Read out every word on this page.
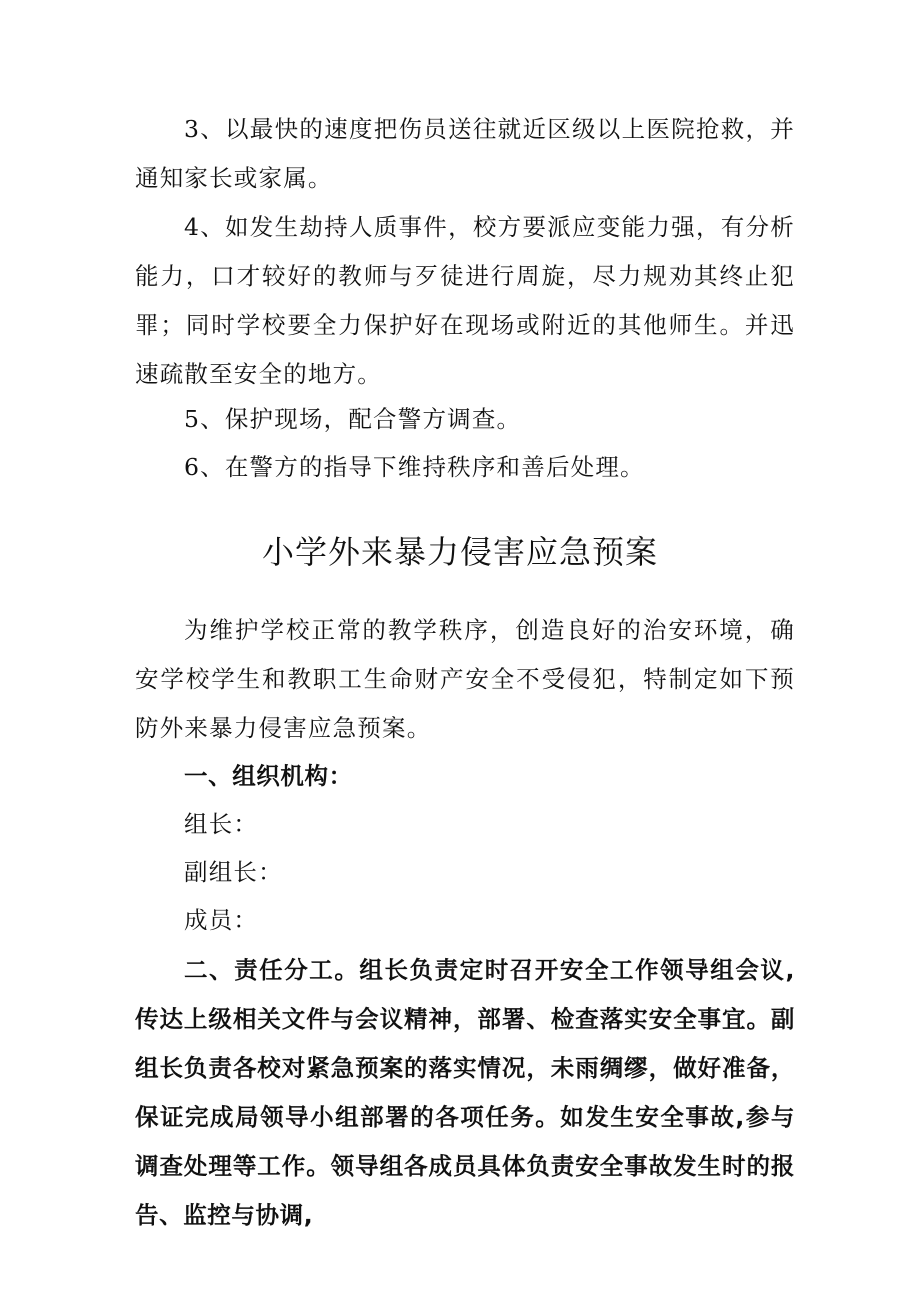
3、以最快的速度把伤员送往就近区级以上医院抢救，并通知家长或家属。

4、如发生劫持人质事件，校方要派应变能力强，有分析能力，口才较好的教师与歹徒进行周旋，尽力规劝其终止犯罪；同时学校要全力保护好在现场或附近的其他师生。并迅速疏散至安全的地方。

5、保护现场，配合警方调查。

6、在警方的指导下维持秩序和善后处理。

小学外来暴力侵害应急预案

为维护学校正常的教学秩序，创造良好的治安环境，确安学校学生和教职工生命财产安全不受侵犯，特制定如下预防外来暴力侵害应急预案。

一、组织机构：

组长：

副组长：

成员：

二、责任分工。组长负责定时召开安全工作领导组会议,传达上级相关文件与会议精神，部署、检查落实安全事宜。副组长负责各校对紧急预案的落实情况，未雨绸缪，做好准备，保证完成局领导小组部署的各项任务。如发生安全事故,参与调查处理等工作。领导组各成员具体负责安全事故发生时的报告、监控与协调,
